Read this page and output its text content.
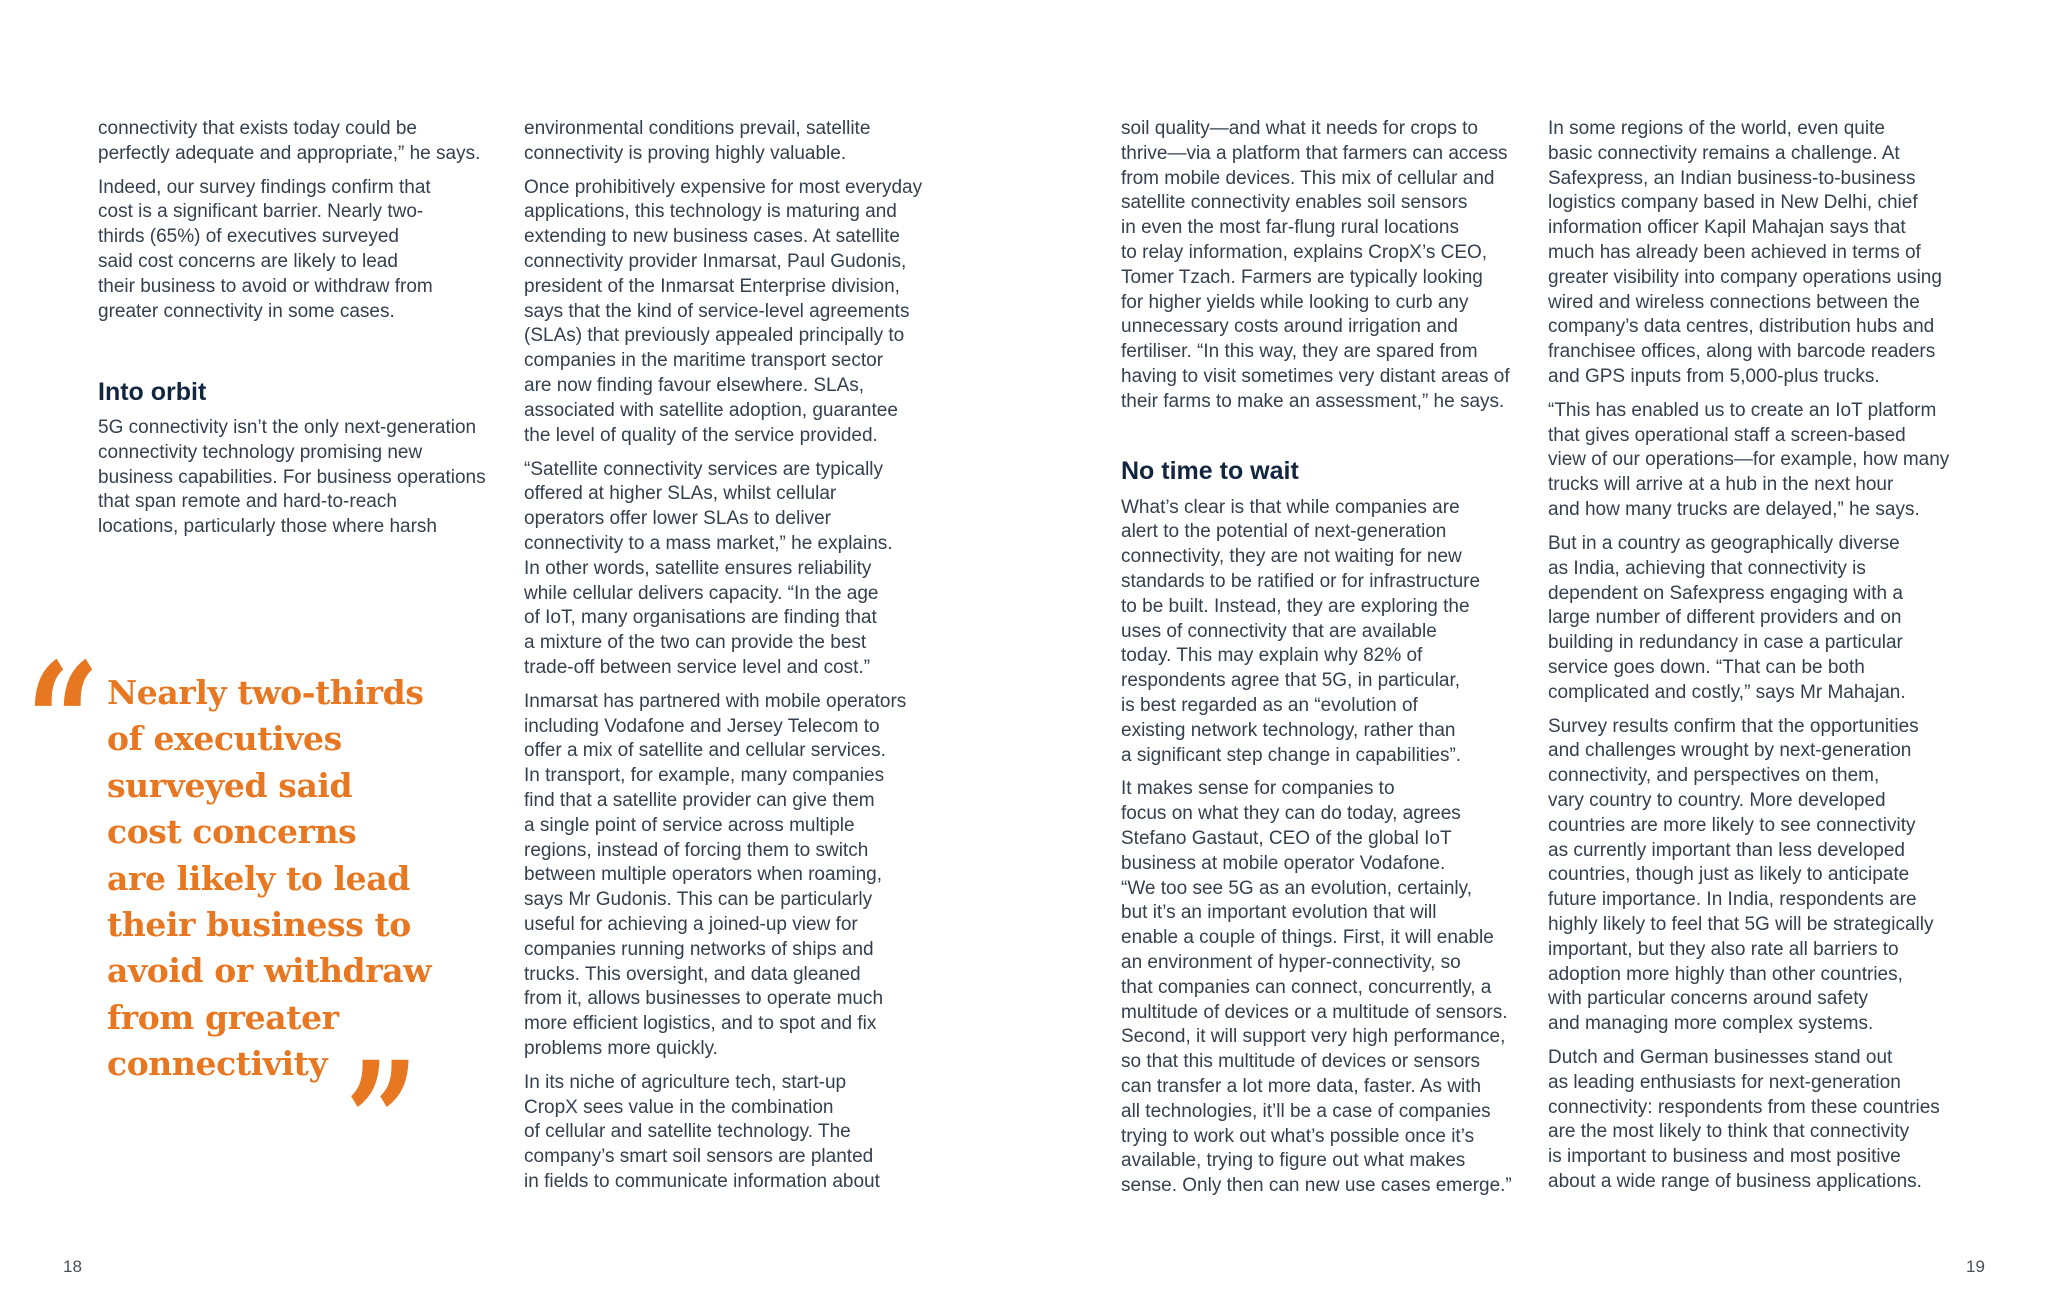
connectivity that exists today could be
perfectly adequate and appropriate,” he says.

Indeed, our survey findings confirm that
cost is a significant barrier. Nearly two-
thirds (65%) of executives surveyed
said cost concerns are likely to lead
their business to avoid or withdraw from
greater connectivity in some cases.

Into orbit

5G connectivity isn’t the only next-generation
connectivity technology promising new
business capabilities. For business operations
that span remote and hard-to-reach
locations, particularly those where harsh

“ Nearly two-thirds
of executives
surveyed said
cost concerns
are likely to lead
their business to
avoid or withdraw
from greater
connectivity ”

environmental conditions prevail, satellite
connectivity is proving highly valuable.

Once prohibitively expensive for most everyday
applications, this technology is maturing and
extending to new business cases. At satellite
connectivity provider Inmarsat, Paul Gudonis,
president of the Inmarsat Enterprise division,
says that the kind of service-level agreements
(SLAs) that previously appealed principally to
companies in the maritime transport sector
are now finding favour elsewhere. SLAs,
associated with satellite adoption, guarantee
the level of quality of the service provided.

“Satellite connectivity services are typically
offered at higher SLAs, whilst cellular
operators offer lower SLAs to deliver
connectivity to a mass market,” he explains.
In other words, satellite ensures reliability
while cellular delivers capacity. “In the age
of IoT, many organisations are finding that
a mixture of the two can provide the best
trade-off between service level and cost.”

Inmarsat has partnered with mobile operators
including Vodafone and Jersey Telecom to
offer a mix of satellite and cellular services.
In transport, for example, many companies
find that a satellite provider can give them
a single point of service across multiple
regions, instead of forcing them to switch
between multiple operators when roaming,
says Mr Gudonis. This can be particularly
useful for achieving a joined-up view for
companies running networks of ships and
trucks. This oversight, and data gleaned
from it, allows businesses to operate much
more efficient logistics, and to spot and fix
problems more quickly.

In its niche of agriculture tech, start-up
CropX sees value in the combination
of cellular and satellite technology. The
company’s smart soil sensors are planted
in fields to communicate information about

18

soil quality—and what it needs for crops to
thrive—via a platform that farmers can access
from mobile devices. This mix of cellular and
satellite connectivity enables soil sensors
in even the most far-flung rural locations
to relay information, explains CropX’s CEO,
Tomer Tzach. Farmers are typically looking
for higher yields while looking to curb any
unnecessary costs around irrigation and
fertiliser. “In this way, they are spared from
having to visit sometimes very distant areas of
their farms to make an assessment,” he says.

No time to wait

What’s clear is that while companies are
alert to the potential of next-generation
connectivity, they are not waiting for new
standards to be ratified or for infrastructure
to be built. Instead, they are exploring the
uses of connectivity that are available
today. This may explain why 82% of
respondents agree that 5G, in particular,
is best regarded as an “evolution of
existing network technology, rather than
a significant step change in capabilities”.

It makes sense for companies to
focus on what they can do today, agrees
Stefano Gastaut, CEO of the global IoT
business at mobile operator Vodafone.
“We too see 5G as an evolution, certainly,
but it’s an important evolution that will
enable a couple of things. First, it will enable
an environment of hyper-connectivity, so
that companies can connect, concurrently, a
multitude of devices or a multitude of sensors.
Second, it will support very high performance,
so that this multitude of devices or sensors
can transfer a lot more data, faster. As with
all technologies, it’ll be a case of companies
trying to work out what’s possible once it’s
available, trying to figure out what makes
sense. Only then can new use cases emerge.”

In some regions of the world, even quite
basic connectivity remains a challenge. At
Safexpress, an Indian business-to-business
logistics company based in New Delhi, chief
information officer Kapil Mahajan says that
much has already been achieved in terms of
greater visibility into company operations using
wired and wireless connections between the
company’s data centres, distribution hubs and
franchisee offices, along with barcode readers
and GPS inputs from 5,000-plus trucks.

“This has enabled us to create an IoT platform
that gives operational staff a screen-based
view of our operations—for example, how many
trucks will arrive at a hub in the next hour
and how many trucks are delayed,” he says.

But in a country as geographically diverse
as India, achieving that connectivity is
dependent on Safexpress engaging with a
large number of different providers and on
building in redundancy in case a particular
service goes down. “That can be both
complicated and costly,” says Mr Mahajan.

Survey results confirm that the opportunities
and challenges wrought by next-generation
connectivity, and perspectives on them,
vary country to country. More developed
countries are more likely to see connectivity
as currently important than less developed
countries, though just as likely to anticipate
future importance. In India, respondents are
highly likely to feel that 5G will be strategically
important, but they also rate all barriers to
adoption more highly than other countries,
with particular concerns around safety
and managing more complex systems.

Dutch and German businesses stand out
as leading enthusiasts for next-generation
connectivity: respondents from these countries
are the most likely to think that connectivity
is important to business and most positive
about a wide range of business applications.

19
